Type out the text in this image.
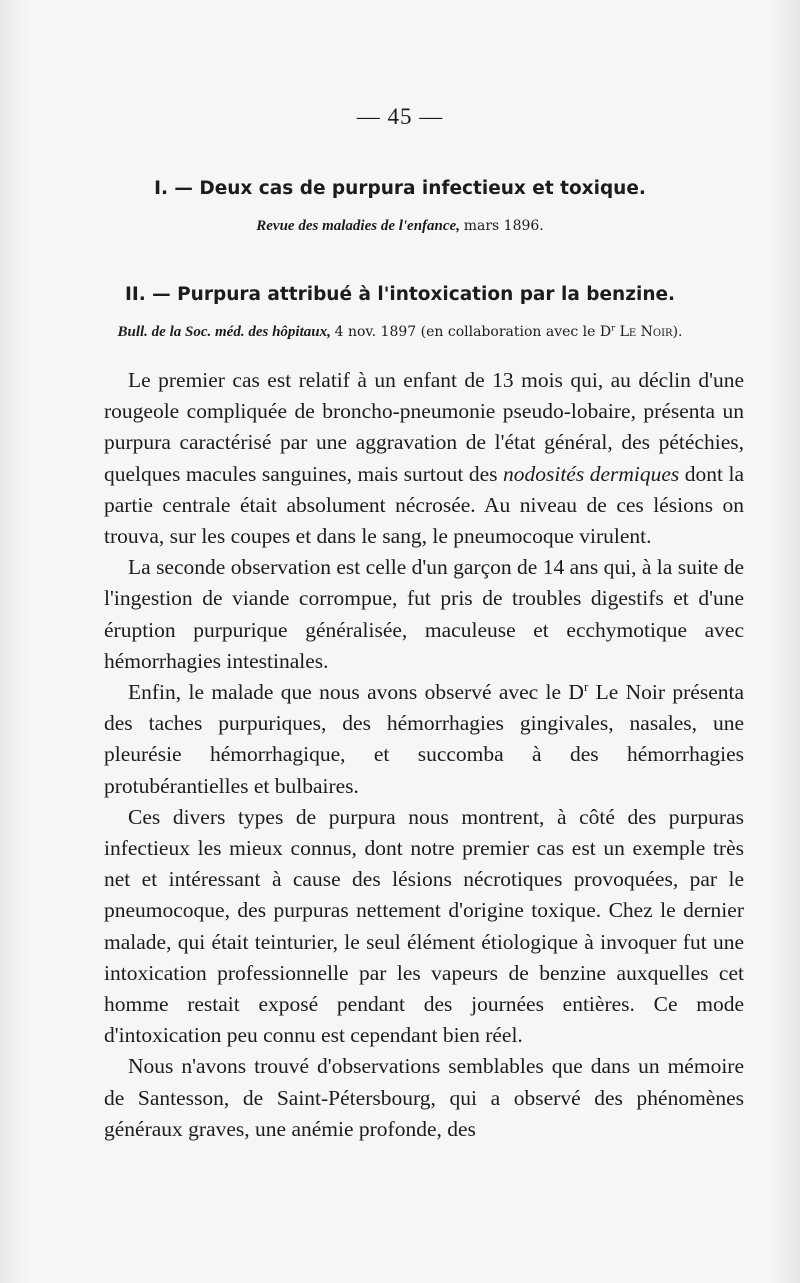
— 45 —
I. — Deux cas de purpura infectieux et toxique.
Revue des maladies de l'enfance, mars 1896.
II. — Purpura attribué à l'intoxication par la benzine.
Bull. de la Soc. méd. des hôpitaux, 4 nov. 1897 (en collaboration avec le $D^r$ Le Noir).

Le premier cas est relatif à un enfant de 13 mois qui, au déclin d'une rougeole compliquée de broncho-pneumonie pseudo-lobaire, présenta un purpura caractérisé par une aggravation de l'état général, des pétéchies, quelques macules sanguines, mais surtout des nodosités dermiques dont la partie centrale était absolument nécrosée. Au niveau de ces lésions on trouva, sur les coupes et dans le sang, le pneumocoque virulent.

La seconde observation est celle d'un garçon de 14 ans qui, à la suite de l'ingestion de viande corrompue, fut pris de troubles digestifs et d'une éruption purpurique généralisée, maculeuse et ecchymotique avec hémorrhagies intestinales.

Enfin, le malade que nous avons observé avec le $D^r$ Le Noir présenta des taches purpuriques, des hémorrhagies gingivales, nasales, une pleurésie hémorrhagique, et succomba à des hémorrhagies protubérantielles et bulbaires.

Ces divers types de purpura nous montrent, à côté des purpuras infectieux les mieux connus, dont notre premier cas est un exemple très net et intéressant à cause des lésions nécrotiques provoquées, par le pneumocoque, des purpuras nettement d'origine toxique. Chez le dernier malade, qui était teinturier, le seul élément étiologique à invoquer fut une intoxication professionnelle par les vapeurs de benzine auxquelles cet homme restait exposé pendant des journées entières. Ce mode d'intoxication peu connu est cependant bien réel.

Nous n'avons trouvé d'observations semblables que dans un mémoire de Santesson, de Saint-Pétersbourg, qui a observé des phénomènes généraux graves, une anémie profonde, des
